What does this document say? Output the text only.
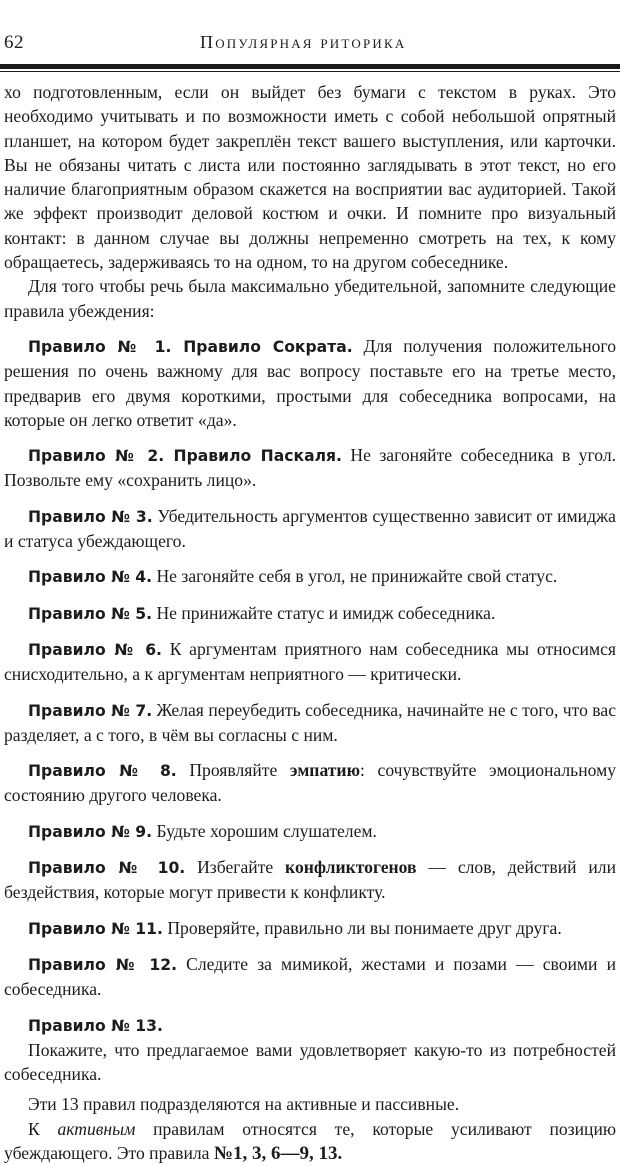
62	Популярная риторика

хо подготовленным, если он выйдет без бумаги с текстом в руках. Это необходимо учитывать и по возможности иметь с собой небольшой опрятный планшет, на котором будет закреплён текст вашего выступления, или карточки. Вы не обязаны читать с листа или постоянно заглядывать в этот текст, но его наличие благоприятным образом скажется на восприятии вас аудиторией. Такой же эффект производит деловой костюм и очки. И помните про визуальный контакт: в данном случае вы должны непременно смотреть на тех, к кому обращаетесь, задерживаясь то на одном, то на другом собеседнике.

Для того чтобы речь была максимально убедительной, запомните следующие правила убеждения:

Правило № 1. Правило Сократа. Для получения положительного решения по очень важному для вас вопросу поставьте его на третье место, предварив его двумя короткими, простыми для собеседника вопросами, на которые он легко ответит «да».

Правило № 2. Правило Паскаля. Не загоняйте собеседника в угол. Позвольте ему «сохранить лицо».

Правило № 3. Убедительность аргументов существенно зависит от имиджа и статуса убеждающего.

Правило № 4. Не загоняйте себя в угол, не принижайте свой статус.

Правило № 5. Не принижайте статус и имидж собеседника.

Правило № 6. К аргументам приятного нам собеседника мы относимся снисходительно, а к аргументам неприятного — критически.

Правило № 7. Желая переубедить собеседника, начинайте не с того, что вас разделяет, а с того, в чём вы согласны с ним.

Правило № 8. Проявляйте эмпатию: сочувствуйте эмоциональному состоянию другого человека.

Правило № 9. Будьте хорошим слушателем.

Правило № 10. Избегайте конфликтогенов — слов, действий или бездействия, которые могут привести к конфликту.

Правило № 11. Проверяйте, правильно ли вы понимаете друг друга.

Правило № 12. Следите за мимикой, жестами и позами — своими и собеседника.

Правило № 13.

Покажите, что предлагаемое вами удовлетворяет какую-то из потребностей собеседника.

Эти 13 правил подразделяются на активные и пассивные.

К активным правилам относятся те, которые усиливают позицию убеждающего. Это правила №1, 3, 6—9, 13.
